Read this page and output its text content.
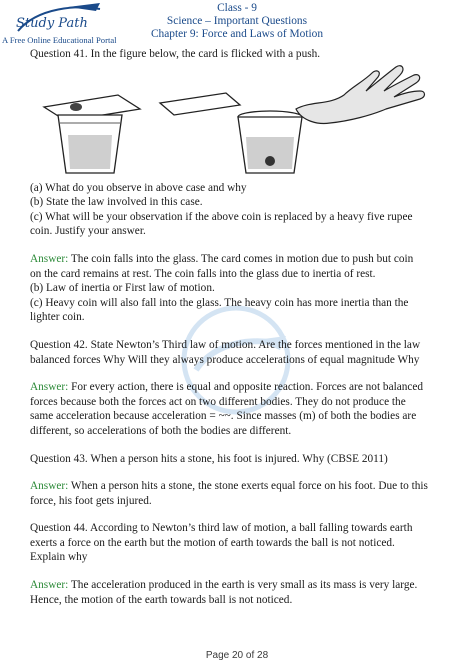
Study Path
A Free Online Educational Portal
Class - 9
Science – Important Questions
Chapter 9: Force and Laws of Motion
Question 41. In the figure below, the card is flicked with a push.
(a) What do you observe in above case and why
(b) State the law involved in this case.
(c) What will be your observation if the above coin is replaced by a heavy five rupee
coin. Justify your answer.
Answer: The coin falls into the glass. The card comes in motion due to push but coin
on the card remains at rest. The coin falls into the glass due to inertia of rest.
(b) Law of inertia or First law of motion.
(c) Heavy coin will also fall into the glass. The heavy coin has more inertia than the
lighter coin.
Question 42. State Newton’s Third law of motion. Are the forces mentioned in the law
balanced forces Why Will they always produce accelerations of equal magnitude Why
Answer: For every action, there is equal and opposite reaction. Forces are not balanced
forces because both the forces act on two different bodies. They do not produce the
same acceleration because acceleration = ~~. Since masses (m) of both the bodies are
different, so accelerations of both the bodies are different.
Question 43. When a person hits a stone, his foot is injured. Why (CBSE 2011)
Answer: When a person hits a stone, the stone exerts equal force on his foot. Due to this
force, his foot gets injured.
Question 44. According to Newton’s third law of motion, a ball falling towards earth
exerts a force on the earth but the motion of earth towards the ball is not noticed.
Explain why
Answer: The acceleration produced in the earth is very small as its mass is very large.
Hence, the motion of the earth towards ball is not noticed.
Page 20 of 28
